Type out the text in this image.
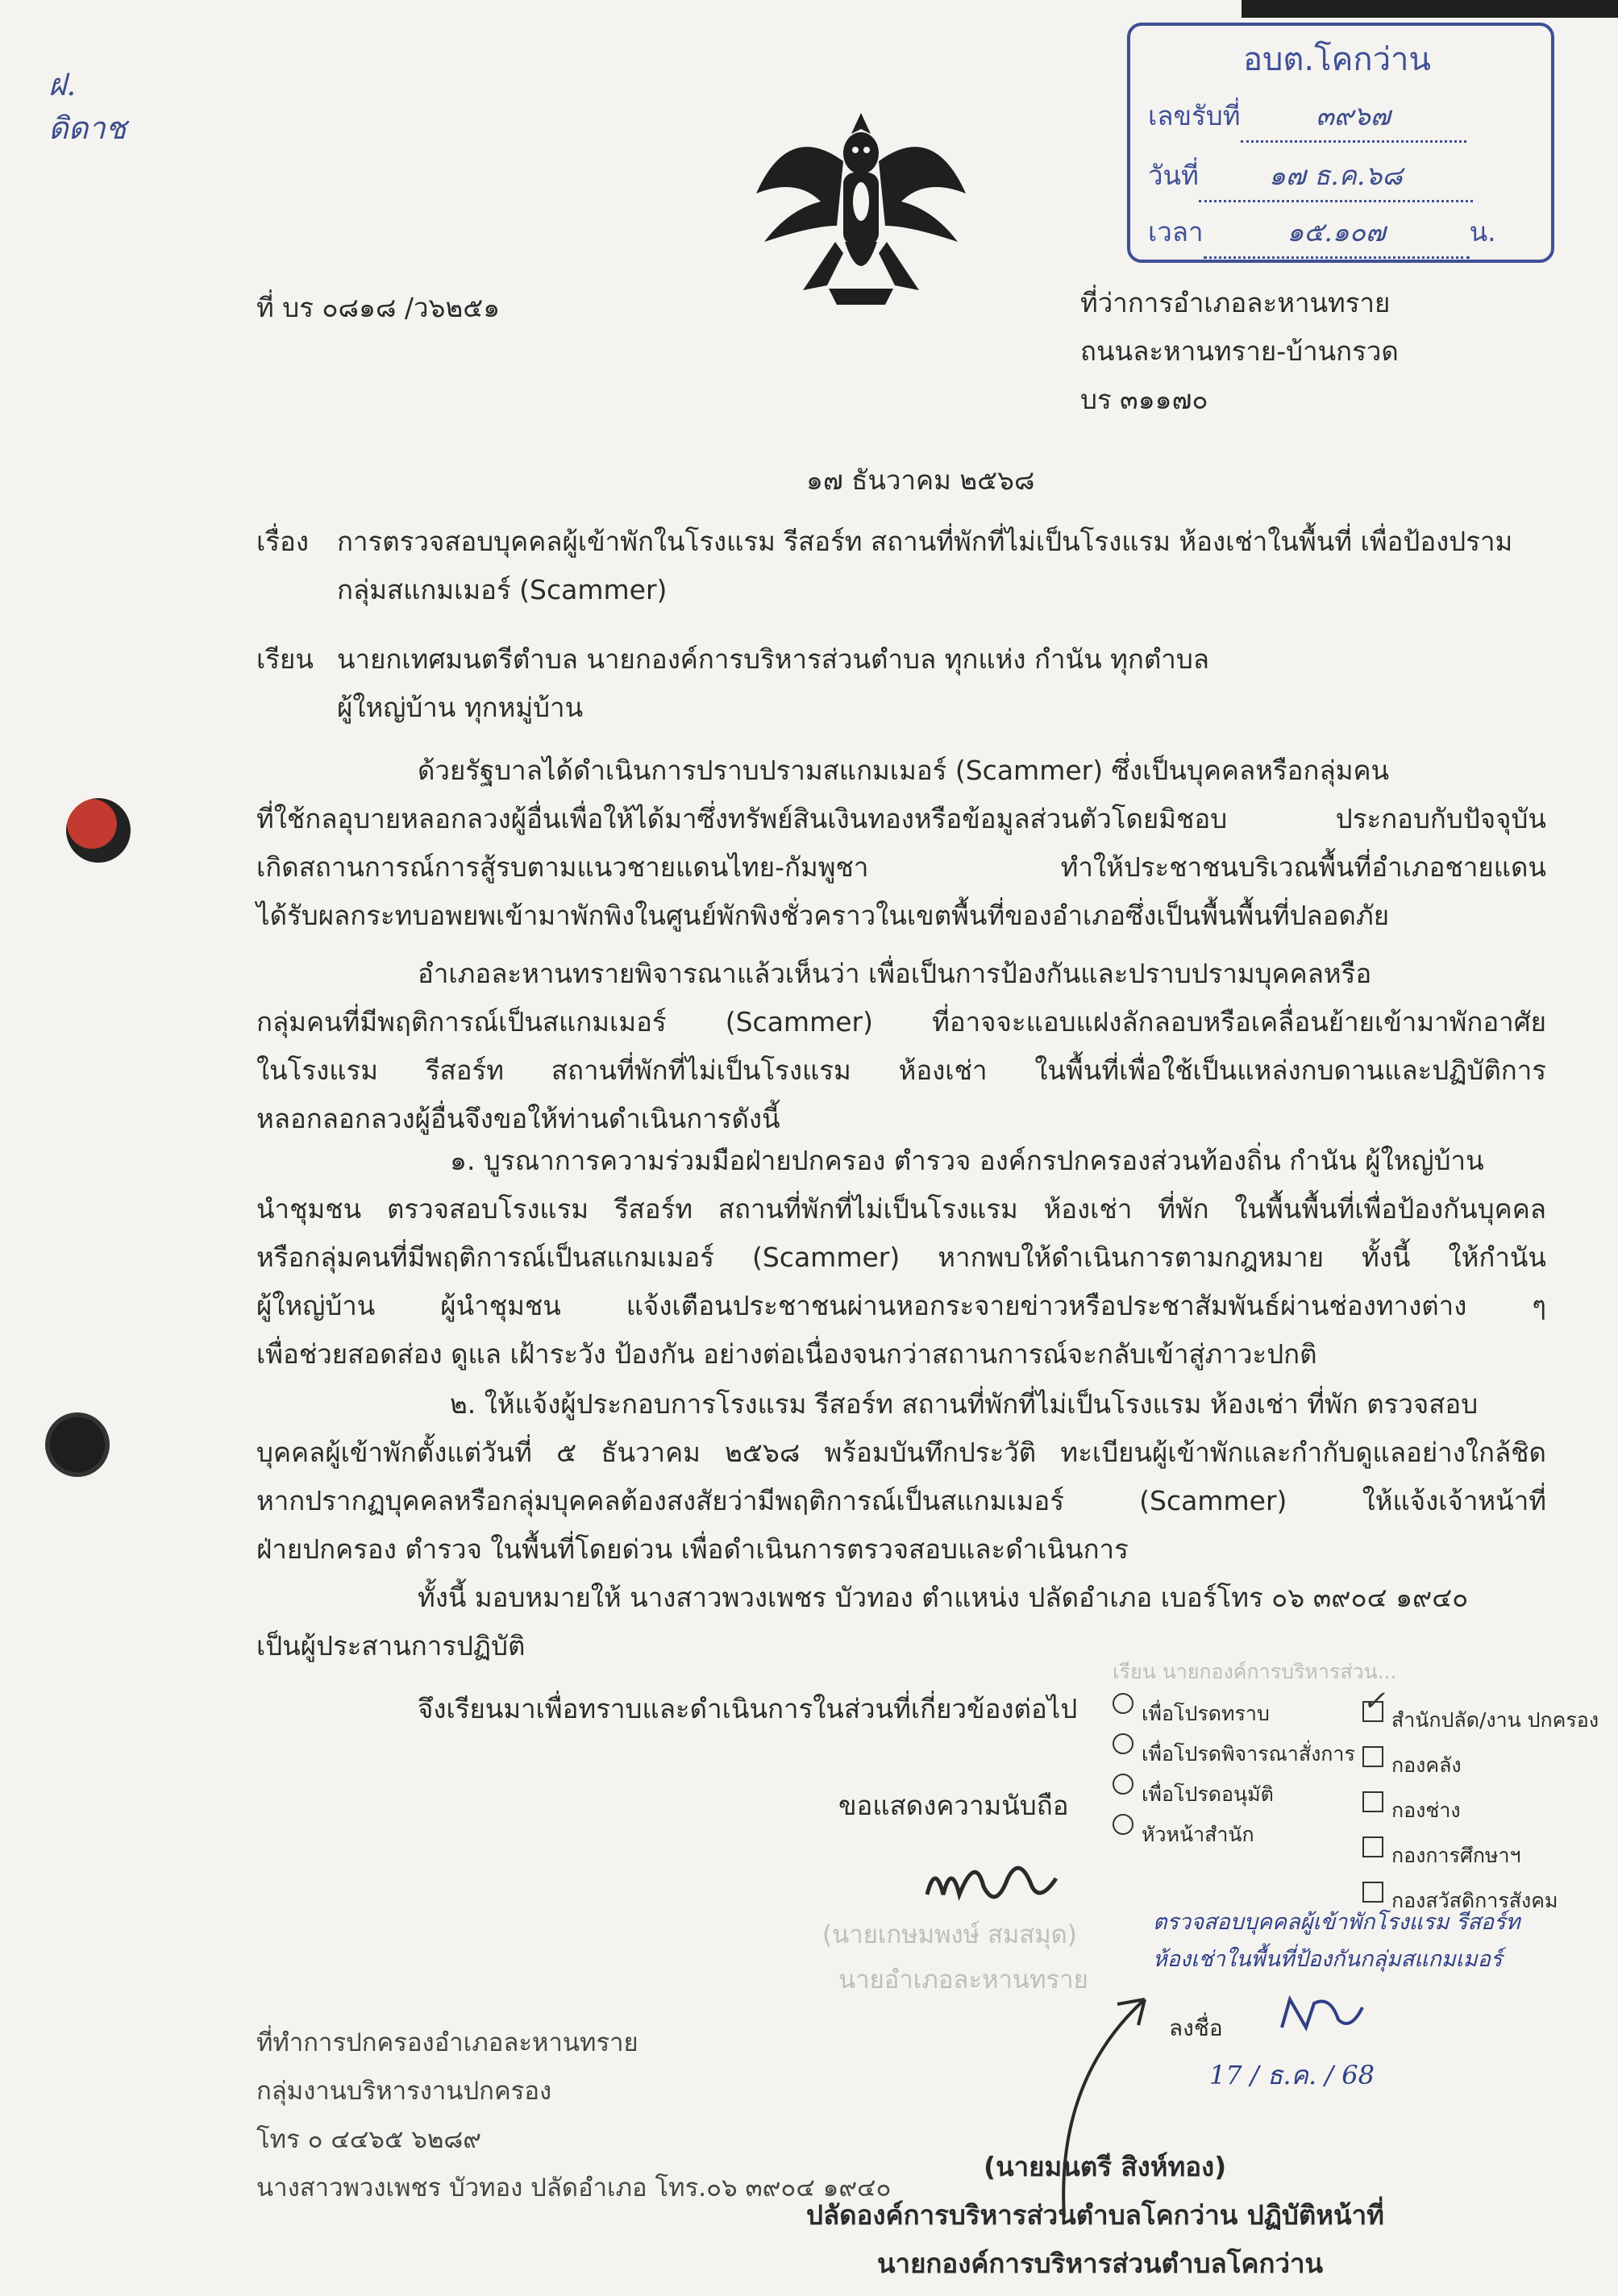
ฝ.
ดิดาช
อบต.โคกว่าน
เลขรับที่	๓๙๖๗
วันที่	๑๗ ธ.ค.๖๘
เวลา	๑๕.๑๐๗	น.
ที่ บร ๐๘๑๘ /ว๖๒๕๑	ที่ว่าการอำเภอละหานทราย
ถนนละหานทราย-บ้านกรวด
บร ๓๑๑๗๐
๑๗ ธันวาคม ๒๕๖๘
เรื่อง การตรวจสอบบุคคลผู้เข้าพักในโรงแรม รีสอร์ท สถานที่พักที่ไม่เป็นโรงแรม ห้องเช่าในพื้นที่ เพื่อป้องปราม
กลุ่มสแกมเมอร์ (Scammer)
เรียน นายกเทศมนตรีตำบล นายกองค์การบริหารส่วนตำบล ทุกแห่ง กำนัน ทุกตำบล
ผู้ใหญ่บ้าน ทุกหมู่บ้าน
ด้วยรัฐบาลได้ดำเนินการปราบปรามสแกมเมอร์ (Scammer) ซึ่งเป็นบุคคลหรือกลุ่มคน
ที่ใช้กลอุบายหลอกลวงผู้อื่นเพื่อให้ได้มาซึ่งทรัพย์สินเงินทองหรือข้อมูลส่วนตัวโดยมิชอบ ประกอบกับปัจจุบัน
เกิดสถานการณ์การสู้รบตามแนวชายแดนไทย-กัมพูชา ทำให้ประชาชนบริเวณพื้นที่อำเภอชายแดน
ได้รับผลกระทบอพยพเข้ามาพักพิงในศูนย์พักพิงชั่วคราวในเขตพื้นที่ของอำเภอซึ่งเป็นพื้นพื้นที่ปลอดภัย
อำเภอละหานทรายพิจารณาแล้วเห็นว่า เพื่อเป็นการป้องกันและปราบปรามบุคคลหรือ
กลุ่มคนที่มีพฤติการณ์เป็นสแกมเมอร์ (Scammer) ที่อาจจะแอบแฝงลักลอบหรือเคลื่อนย้ายเข้ามาพักอาศัย
ในโรงแรม รีสอร์ท สถานที่พักที่ไม่เป็นโรงแรม ห้องเช่า ในพื้นที่เพื่อใช้เป็นแหล่งกบดานและปฏิบัติการ
หลอกลอกลวงผู้อื่นจึงขอให้ท่านดำเนินการดังนี้
๑. บูรณาการความร่วมมือฝ่ายปกครอง ตำรวจ องค์กรปกครองส่วนท้องถิ่น กำนัน ผู้ใหญ่บ้าน
นำชุมชน ตรวจสอบโรงแรม รีสอร์ท สถานที่พักที่ไม่เป็นโรงแรม ห้องเช่า ที่พัก ในพื้นพื้นที่เพื่อป้องกันบุคคล
หรือกลุ่มคนที่มีพฤติการณ์เป็นสแกมเมอร์ (Scammer) หากพบให้ดำเนินการตามกฎหมาย ทั้งนี้ ให้กำนัน
ผู้ใหญ่บ้าน ผู้นำชุมชน แจ้งเตือนประชาชนผ่านหอกระจายข่าวหรือประชาสัมพันธ์ผ่านช่องทางต่าง ๆ
เพื่อช่วยสอดส่อง ดูแล เฝ้าระวัง ป้องกัน อย่างต่อเนื่องจนกว่าสถานการณ์จะกลับเข้าสู่ภาวะปกติ
๒. ให้แจ้งผู้ประกอบการโรงแรม รีสอร์ท สถานที่พักที่ไม่เป็นโรงแรม ห้องเช่า ที่พัก ตรวจสอบ
บุคคลผู้เข้าพักตั้งแต่วันที่ ๕ ธันวาคม ๒๕๖๘ พร้อมบันทึกประวัติ ทะเบียนผู้เข้าพักและกำกับดูแลอย่างใกล้ชิด
หากปรากฏบุคคลหรือกลุ่มบุคคลต้องสงสัยว่ามีพฤติการณ์เป็นสแกมเมอร์ (Scammer) ให้แจ้งเจ้าหน้าที่
ฝ่ายปกครอง ตำรวจ ในพื้นที่โดยด่วน เพื่อดำเนินการตรวจสอบและดำเนินการ
ทั้งนี้ มอบหมายให้ นางสาวพวงเพชร บัวทอง ตำแหน่ง ปลัดอำเภอ เบอร์โทร ๐๖ ๓๙๐๔ ๑๙๔๐
เป็นผู้ประสานการปฏิบัติ
จึงเรียนมาเพื่อทราบและดำเนินการในส่วนที่เกี่ยวข้องต่อไป
ขอแสดงความนับถือ
(นายเกษมพงษ์ สมสมุด)
นายอำเภอละหานทราย
ที่ทำการปกครองอำเภอละหานทราย
กลุ่มงานบริหารงานปกครอง
โทร ๐ ๔๔๖๕ ๖๒๘๙
นางสาวพวงเพชร บัวทอง ปลัดอำเภอ โทร.๐๖ ๓๙๐๔ ๑๙๔๐
เรียน นายกองค์การบริหารส่วน...
เพื่อโปรดทราบ
เพื่อโปรดพิจารณาสั่งการ
เพื่อโปรดอนุมัติ
หัวหน้าสำนัก
✓
สำนักปลัด/งาน ปกครอง
กองคลัง
กองช่าง
กองการศึกษาฯ
กองสวัสดิการสังคม
ตรวจสอบบุคคลผู้เข้าพักโรงแรม รีสอร์ท
ห้องเช่าในพื้นที่ป้องกันกลุ่มสแกมเมอร์
ลงชื่อ
17 / ธ.ค. / 68
(นายมนตรี สิงห์ทอง)
ปลัดองค์การบริหารส่วนตำบลโคกว่าน ปฏิบัติหน้าที่
นายกองค์การบริหารส่วนตำบลโคกว่าน
